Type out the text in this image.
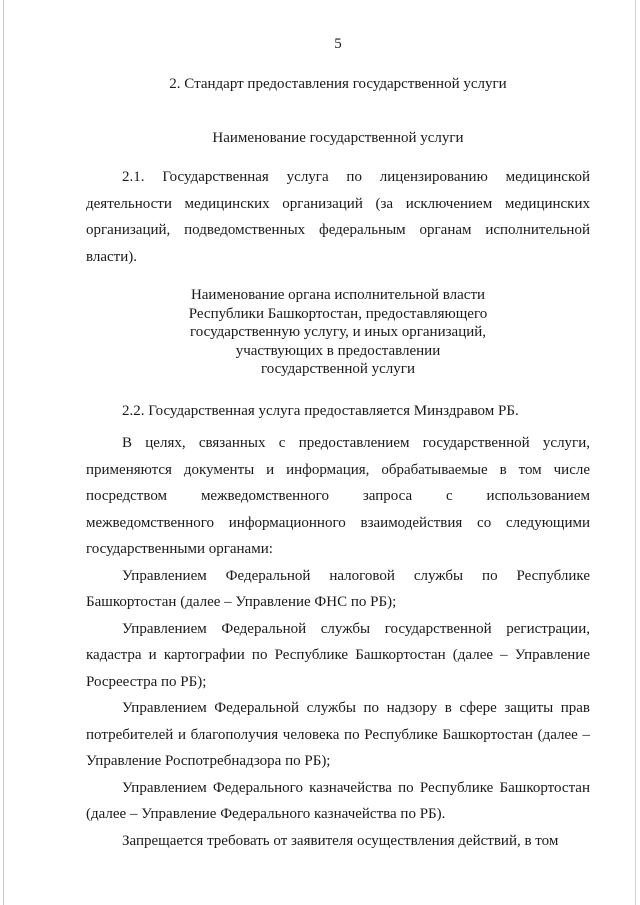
5
2. Стандарт предоставления государственной услуги
Наименование государственной услуги

2.1. Государственная услуга по лицензированию медицинской деятельности медицинских организаций (за исключением медицинских организаций, подведомственных федеральным органам исполнительной власти).

Наименование органа исполнительной власти
Республики Башкортостан, предоставляющего
государственную услугу, и иных организаций,
участвующих в предоставлении
государственной услуги

2.2. Государственная услуга предоставляется Минздравом РБ.

В целях, связанных с предоставлением государственной услуги, применяются документы и информация, обрабатываемые в том числе посредством межведомственного запроса с использованием межведомственного информационного взаимодействия со следующими государственными органами:

Управлением Федеральной налоговой службы по Республике Башкортостан (далее – Управление ФНС по РБ);

Управлением Федеральной службы государственной регистрации, кадастра и картографии по Республике Башкортостан (далее – Управление Росреестра по РБ);

Управлением Федеральной службы по надзору в сфере защиты прав потребителей и благополучия человека по Республике Башкортостан (далее – Управление Роспотребнадзора по РБ);

Управлением Федерального казначейства по Республике Башкортостан (далее – Управление Федерального казначейства по РБ).

Запрещается требовать от заявителя осуществления действий, в том
